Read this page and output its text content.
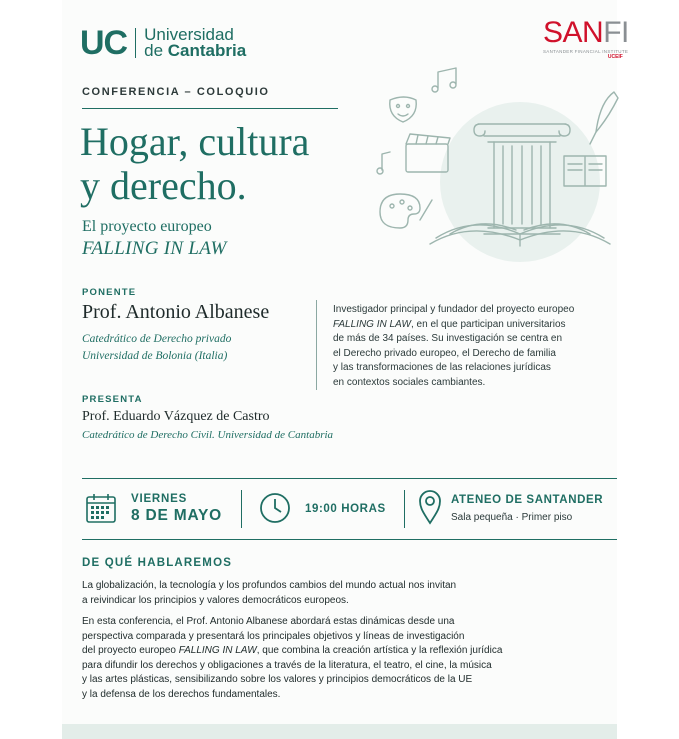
UC Universidad
de Cantabria
SANFI
SANTANDER FINANCIAL INSTITUTE
UCEIF
CONFERENCIA – COLOQUIO
Hogar, cultura
y derecho.
El proyecto europeo
FALLING IN LAW
PONENTE
Prof. Antonio Albanese
Catedrático de Derecho privado
Universidad de Bolonia (Italia)
Investigador principal y fundador del proyecto europeo
FALLING IN LAW, en el que participan universitarios
de más de 34 países. Su investigación se centra en
el Derecho privado europeo, el Derecho de familia
y las transformaciones de las relaciones jurídicas
en contextos sociales cambiantes.
PRESENTA
Prof. Eduardo Vázquez de Castro
Catedrático de Derecho Civil. Universidad de Cantabria
VIERNES
8 DE MAYO	19:00 HORAS
ATENEO DE SANTANDER
Sala pequeña · Primer piso
DE QUÉ HABLAREMOS
La globalización, la tecnología y los profundos cambios del mundo actual nos invitan
a reivindicar los principios y valores democráticos europeos.
En esta conferencia, el Prof. Antonio Albanese abordará estas dinámicas desde una
perspectiva comparada y presentará los principales objetivos y líneas de investigación
del proyecto europeo FALLING IN LAW, que combina la creación artística y la reflexión jurídica
para difundir los derechos y obligaciones a través de la literatura, el teatro, el cine, la música
y las artes plásticas, sensibilizando sobre los valores y principios democráticos de la UE
y la defensa de los derechos fundamentales.
